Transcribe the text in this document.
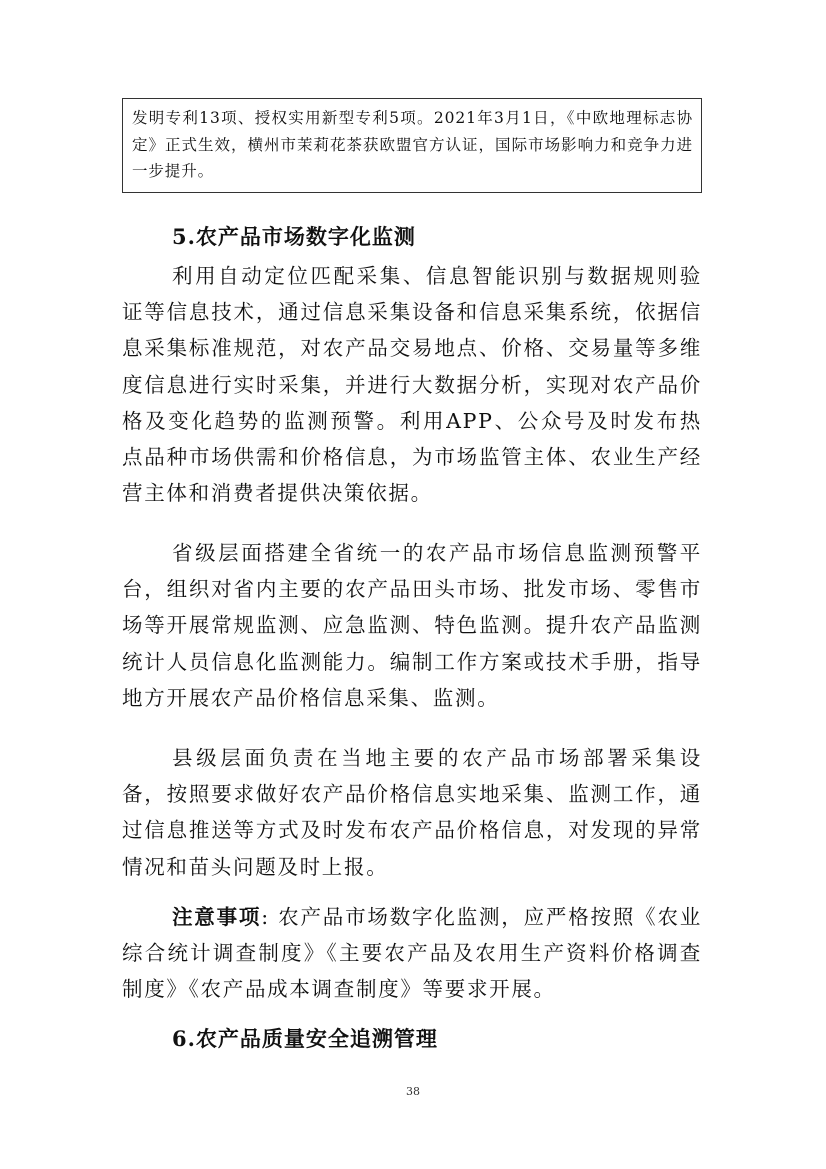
发明专利13项、授权实用新型专利5项。2021年3月1日，《中欧地理标志协定》正式生效，横州市茉莉花茶获欧盟官方认证，国际市场影响力和竞争力进一步提升。
5.农产品市场数字化监测

利用自动定位匹配采集、信息智能识别与数据规则验证等信息技术，通过信息采集设备和信息采集系统，依据信息采集标准规范，对农产品交易地点、价格、交易量等多维度信息进行实时采集，并进行大数据分析，实现对农产品价格及变化趋势的监测预警。利用APP、公众号及时发布热点品种市场供需和价格信息，为市场监管主体、农业生产经营主体和消费者提供决策依据。

省级层面搭建全省统一的农产品市场信息监测预警平台，组织对省内主要的农产品田头市场、批发市场、零售市场等开展常规监测、应急监测、特色监测。提升农产品监测统计人员信息化监测能力。编制工作方案或技术手册，指导地方开展农产品价格信息采集、监测。

县级层面负责在当地主要的农产品市场部署采集设备，按照要求做好农产品价格信息实地采集、监测工作，通过信息推送等方式及时发布农产品价格信息，对发现的异常情况和苗头问题及时上报。

注意事项: 农产品市场数字化监测，应严格按照《农业综合统计调查制度》《主要农产品及农用生产资料价格调查制度》《农产品成本调查制度》等要求开展。

6.农产品质量安全追溯管理
38
